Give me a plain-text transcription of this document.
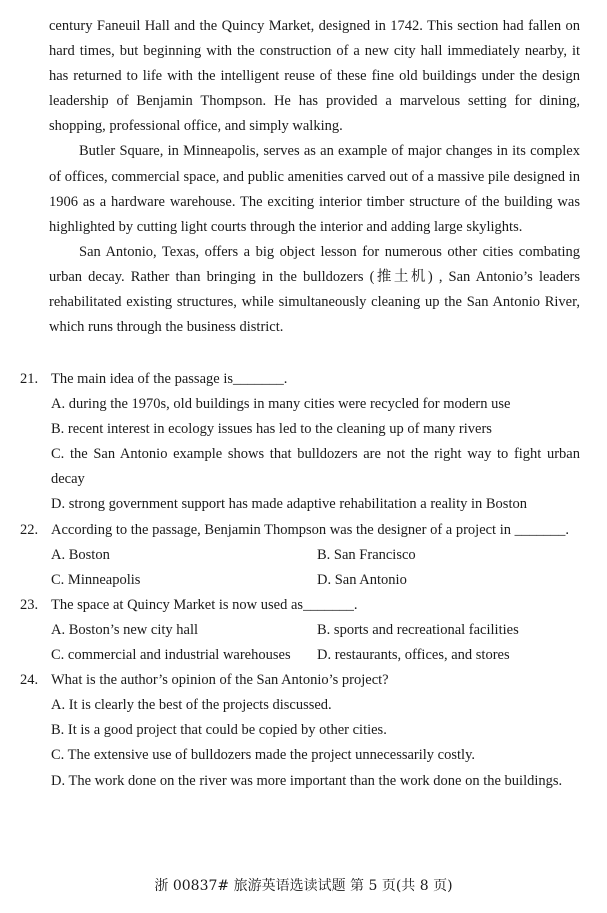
century Faneuil Hall and the Quincy Market, designed in 1742. This section had fallen on hard times, but beginning with the construction of a new city hall immediately nearby, it has returned to life with the intelligent reuse of these fine old buildings under the design leadership of Benjamin Thompson. He has provided a marvelous setting for dining, shopping, professional office, and simply walking.

Butler Square, in Minneapolis, serves as an example of major changes in its complex of offices, commercial space, and public amenities carved out of a massive pile designed in 1906 as a hardware warehouse. The exciting interior timber structure of the building was highlighted by cutting light courts through the interior and adding large skylights.

San Antonio, Texas, offers a big object lesson for numerous other cities combating urban decay. Rather than bringing in the bulldozers (推土机) , San Antonio’s leaders rehabilitated existing structures, while simultaneously cleaning up the San Antonio River, which runs through the business district.

21. The main idea of the passage is_______.
A. during the 1970s, old buildings in many cities were recycled for modern use
B. recent interest in ecology issues has led to the cleaning up of many rivers
C. the San Antonio example shows that bulldozers are not the right way to fight urban decay
D. strong government support has made adaptive rehabilitation a reality in Boston
22. According to the passage, Benjamin Thompson was the designer of a project in _______.
A. Boston	B. San Francisco
C. Minneapolis	D. San Antonio
23. The space at Quincy Market is now used as_______.
A. Boston’s new city hall	B. sports and recreational facilities
C. commercial and industrial warehouses	D. restaurants, offices, and stores
24. What is the author’s opinion of the San Antonio’s project?
A. It is clearly the best of the projects discussed.
B. It is a good project that could be copied by other cities.
C. The extensive use of bulldozers made the project unnecessarily costly.
D. The work done on the river was more important than the work done on the buildings.
浙 00837# 旅游英语选读试题 第 5 页(共 8 页)
